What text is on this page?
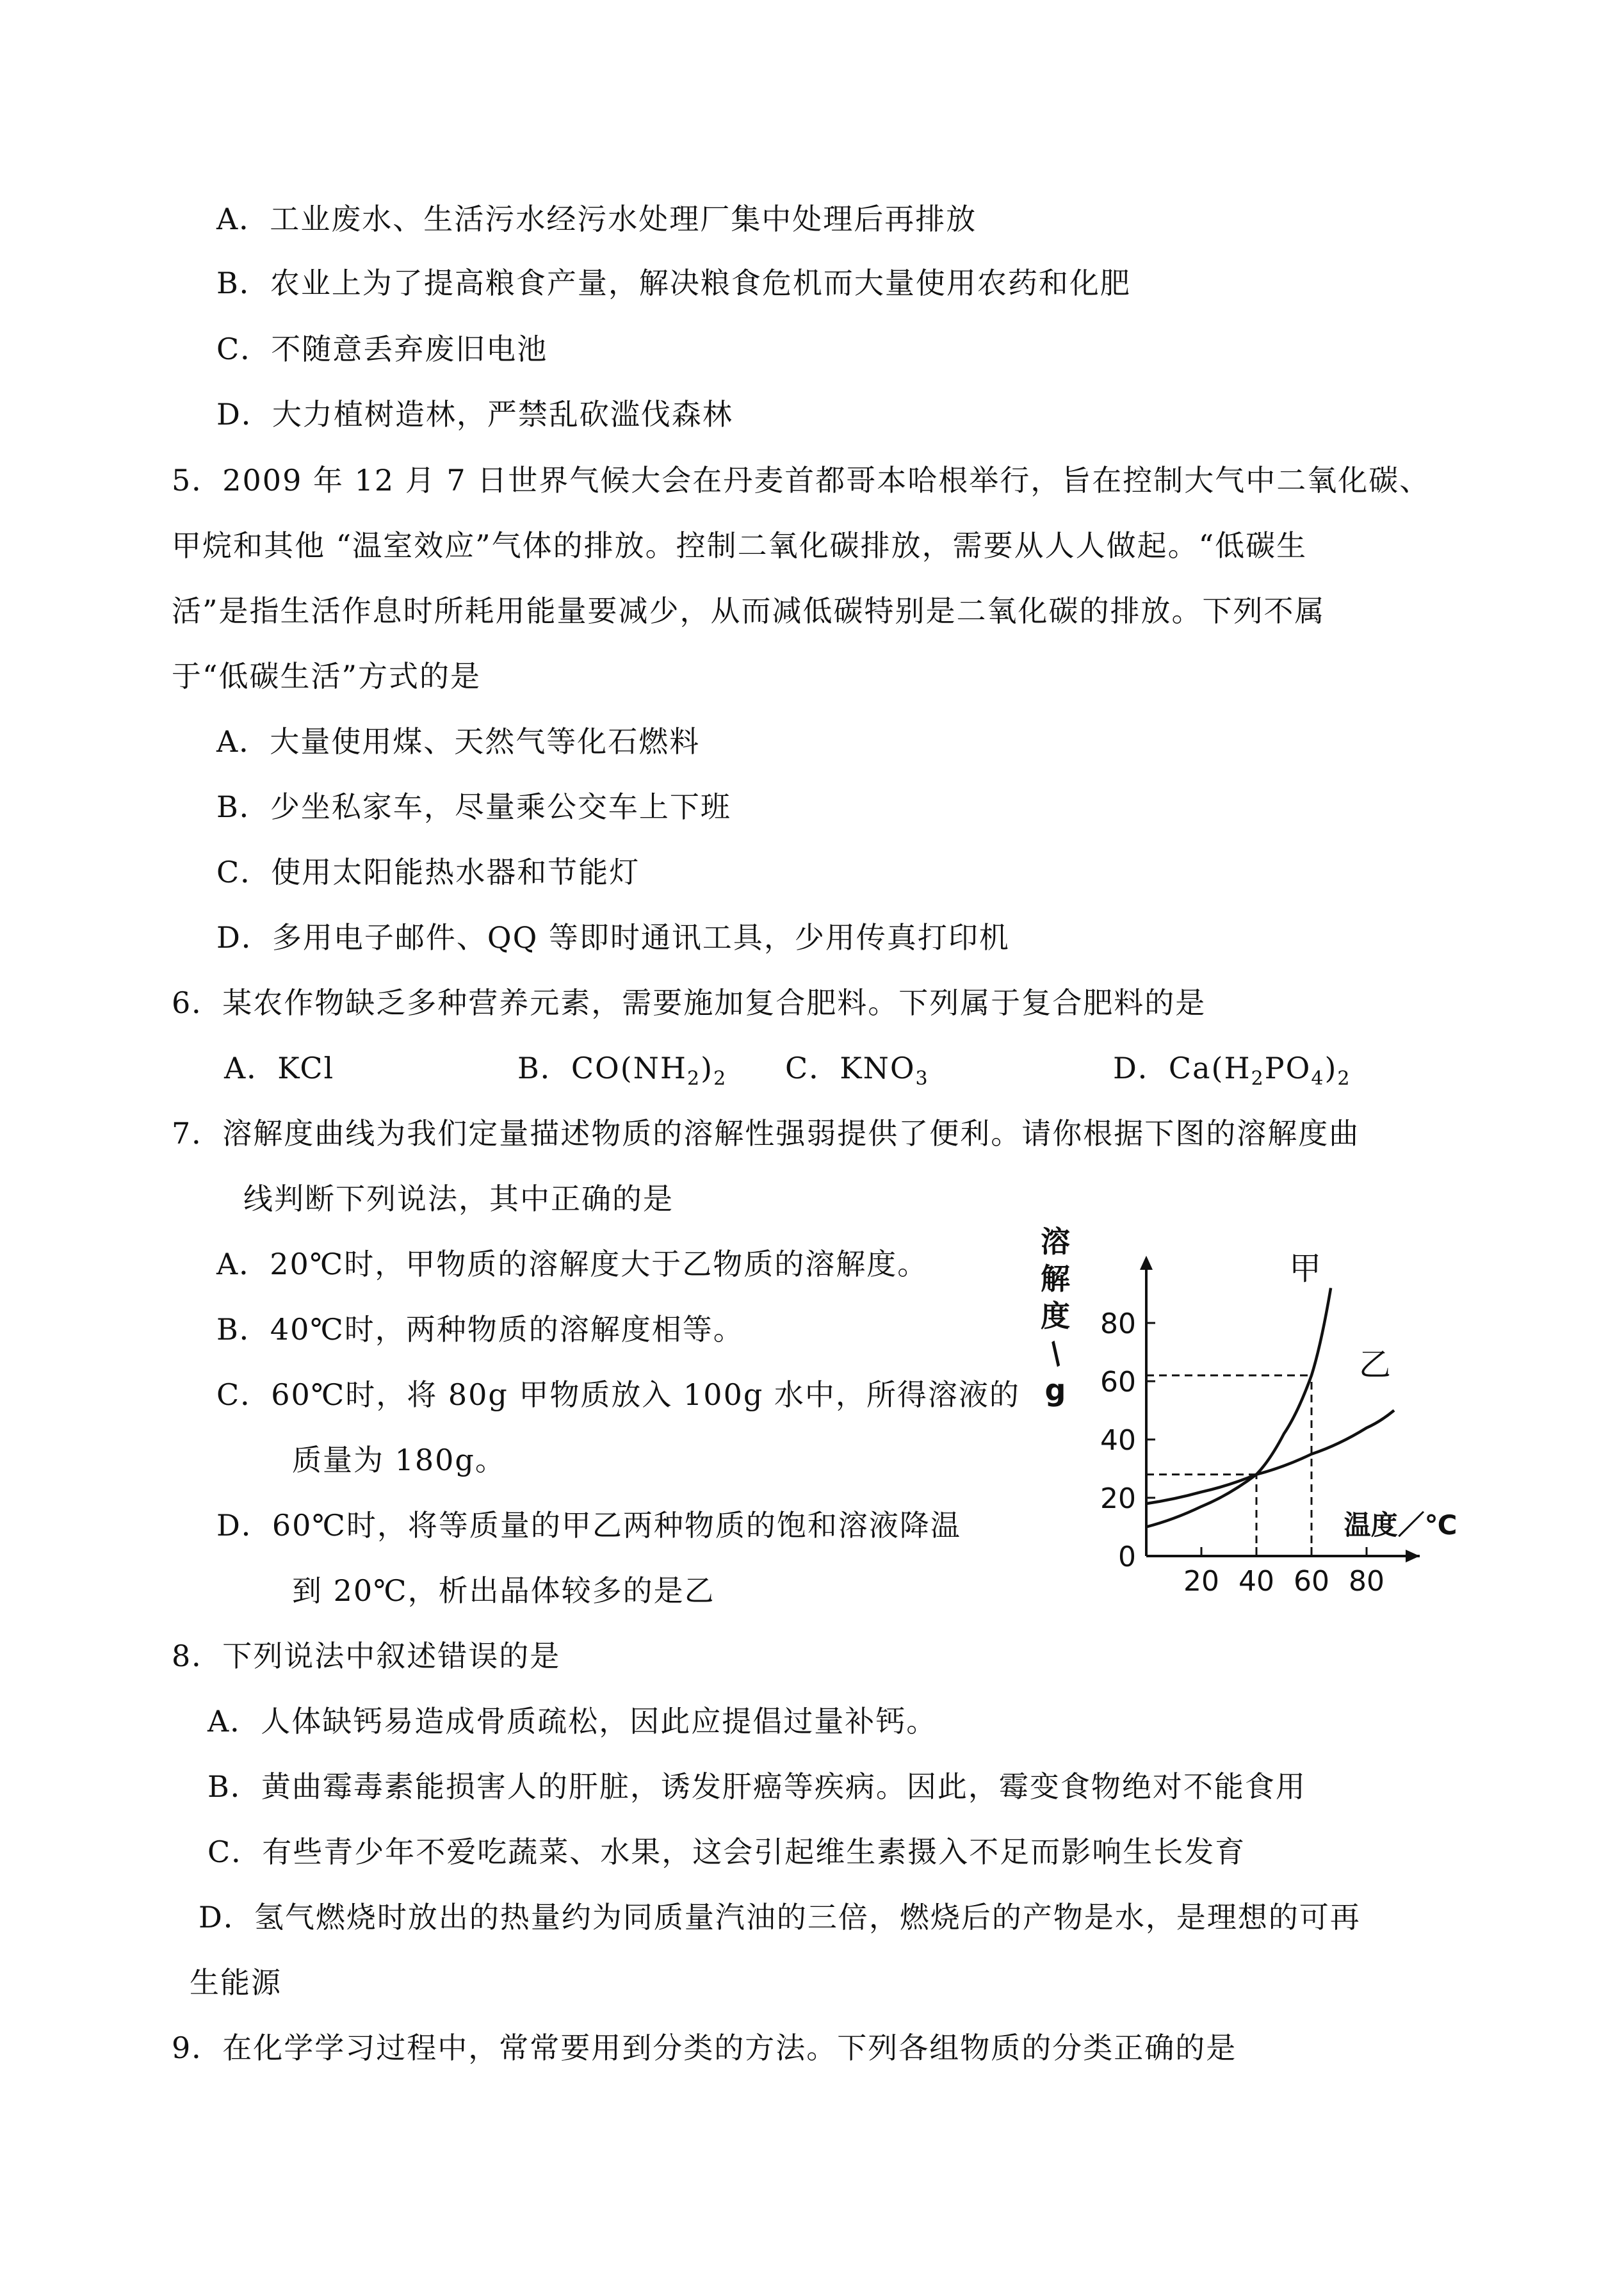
A．工业废水、生活污水经污水处理厂集中处理后再排放
B．农业上为了提高粮食产量，解决粮食危机而大量使用农药和化肥
C．不随意丢弃废旧电池
D．大力植树造林，严禁乱砍滥伐森林
5．2009 年 12 月 7 日世界气候大会在丹麦首都哥本哈根举行，旨在控制大气中二氧化碳、
甲烷和其他 “温室效应”气体的排放。控制二氧化碳排放，需要从人人做起。“低碳生
活”是指生活作息时所耗用能量要减少，从而减低碳特别是二氧化碳的排放。下列不属
于“低碳生活”方式的是
A．大量使用煤、天然气等化石燃料
B．少坐私家车，尽量乘公交车上下班
C．使用太阳能热水器和节能灯
D．多用电子邮件、QQ 等即时通讯工具，少用传真打印机
6．某农作物缺乏多种营养元素，需要施加复合肥料。下列属于复合肥料的是
A．KCl	B．$CO(NH_2)_2$ C．$KNO_3$	D．$Ca(H_2PO_4)_2$
7．溶解度曲线为我们定量描述物质的溶解性强弱提供了便利。请你根据下图的溶解度曲
线判断下列说法，其中正确的是
A．20℃时，甲物质的溶解度大于乙物质的溶解度。
B．40℃时，两种物质的溶解度相等。
C．60℃时，将 80g 甲物质放入 100g 水中，所得溶液的
质量为 180g。
D．60℃时，将等质量的甲乙两种物质的饱和溶液降温
到 20℃，析出晶体较多的是乙
0
20
40
60
80
20 40 60 80
溶
解
度
/
g
温度／℃
甲
乙
8．下列说法中叙述错误的是
A．人体缺钙易造成骨质疏松，因此应提倡过量补钙。
B．黄曲霉毒素能损害人的肝脏，诱发肝癌等疾病。因此，霉变食物绝对不能食用
C．有些青少年不爱吃蔬菜、水果，这会引起维生素摄入不足而影响生长发育
D．氢气燃烧时放出的热量约为同质量汽油的三倍，燃烧后的产物是水，是理想的可再
生能源
9．在化学学习过程中，常常要用到分类的方法。下列各组物质的分类正确的是
